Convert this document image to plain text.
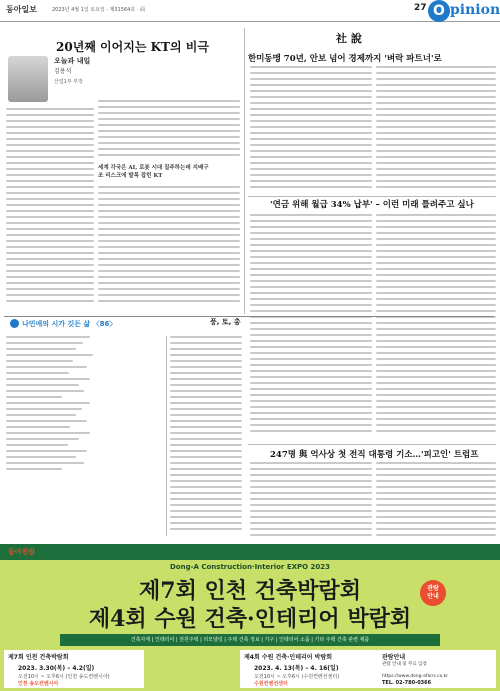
동아일보	2023년 4월 1일 토요일 · 제31564호 · 面	27 O pinion
20년째 이어지는 KT의 비극
오늘과 내일
김용석
산업1부 부장
세계 각국은 AI, 로봇 시대 질주하는데 지배구조 리스크에 발목 잡힌 KT
社 說
한미동맹 70년, 안보 넘어 경제까지 '벼락 파트너'로
'연금 위해 월급 34% 납부' – 이런 미래 틀려주고 싶나
247명 與 억사상 첫 전직 대통령 기소…'피고인' 트럼프
나민애의 시가 깃든 삶 〈86〉	풍, 토, 총
동아전람
Dong-A Construction·Interior EXPO 2023
제7회 인천 건축박람회
제4회 수원 건축·인테리어 박람회
관람
안내
건축자재 | 인테리어 | 전원주택 | 리모델링 | 주택 건축 정보 | 가구 | 인테리어 소품 | 기타 주택 건축 관련 제품
제7회 인천 건축박람회
2023. 3.30(목) – 4.2(일)
오전10시 ~ 오후6시 (인천 송도컨벤시아)
인천 송도컨벤시아
제4회 수원 건축·인테리어 박람회
2023. 4. 13(목) – 4. 16(일)
오전10시 ~ 오후6시 (수원컨벤션센터)
수원컨벤션센터
관람안내
관람 안내 및 무료 입장
https://www.dong-afairs.co.kr
TEL. 02-780-0366
